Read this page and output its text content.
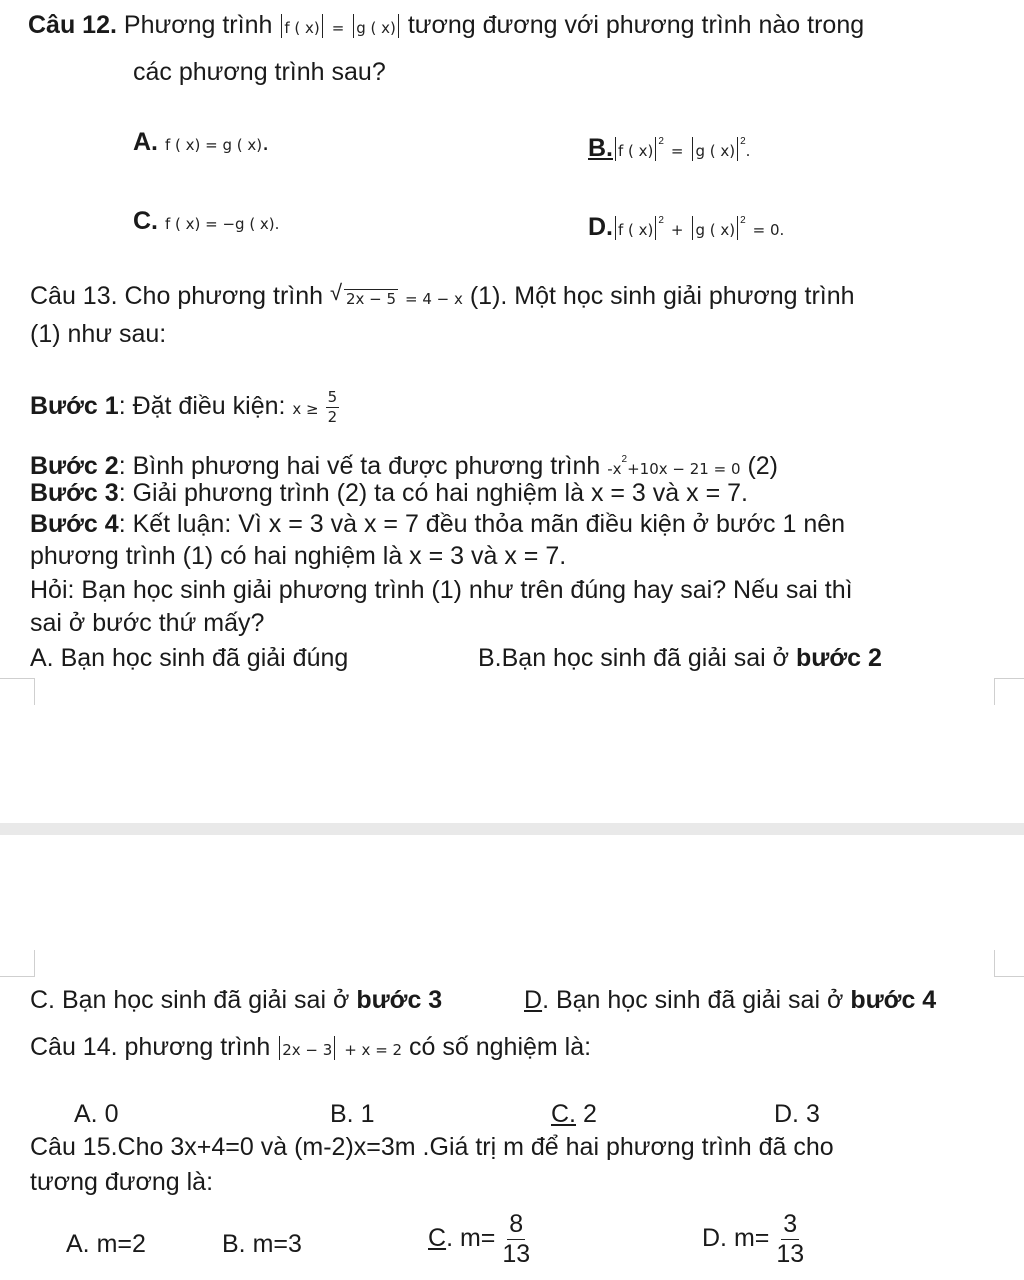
Câu 12. Phương trình f ( x) = g ( x) tương đương với phương trình nào trong
các phương trình sau?
A. f ( x) = g ( x).	B. f ( x)$^2$ = g ( x)$^2$.
C. f ( x) = −g ( x).	D. f ( x)$^2$ + g ( x)$^2$ = 0.
Câu 13. Cho phương trình √ 2x − 5 = 4 − x (1). Một học sinh giải phương trình
(1) như sau:
Bước 1: Đặt điều kiện: $x \ge \frac{5}{2}$
Bước 2: Bình phương hai vế ta được phương trình $-x^2+10x - 21 = 0$ (2)
Bước 3: Giải phương trình (2) ta có hai nghiệm là x = 3 và x = 7.
Bước 4: Kết luận: Vì x = 3 và x = 7 đều thỏa mãn điều kiện ở bước 1 nên
phương trình (1) có hai nghiệm là x = 3 và x = 7.
Hỏi: Bạn học sinh giải phương trình (1) như trên đúng hay sai? Nếu sai thì
sai ở bước thứ mấy?
A. Bạn học sinh đã giải đúng	B.Bạn học sinh đã giải sai ở bước 2
C. Bạn học sinh đã giải sai ở bước 3	D. Bạn học sinh đã giải sai ở bước 4
Câu 14. phương trình 2x − 3 + x = 2 có số nghiệm là:
A. 0	B. 1	C. 2	D. 3
Câu 15.Cho 3x+4=0 và (m-2)x=3m .Giá trị m để hai phương trình đã cho
tương đương là:
A. m=2	B. m=3	C. $m= \frac{8}{13}$	D. $m= \frac{3}{13}$
